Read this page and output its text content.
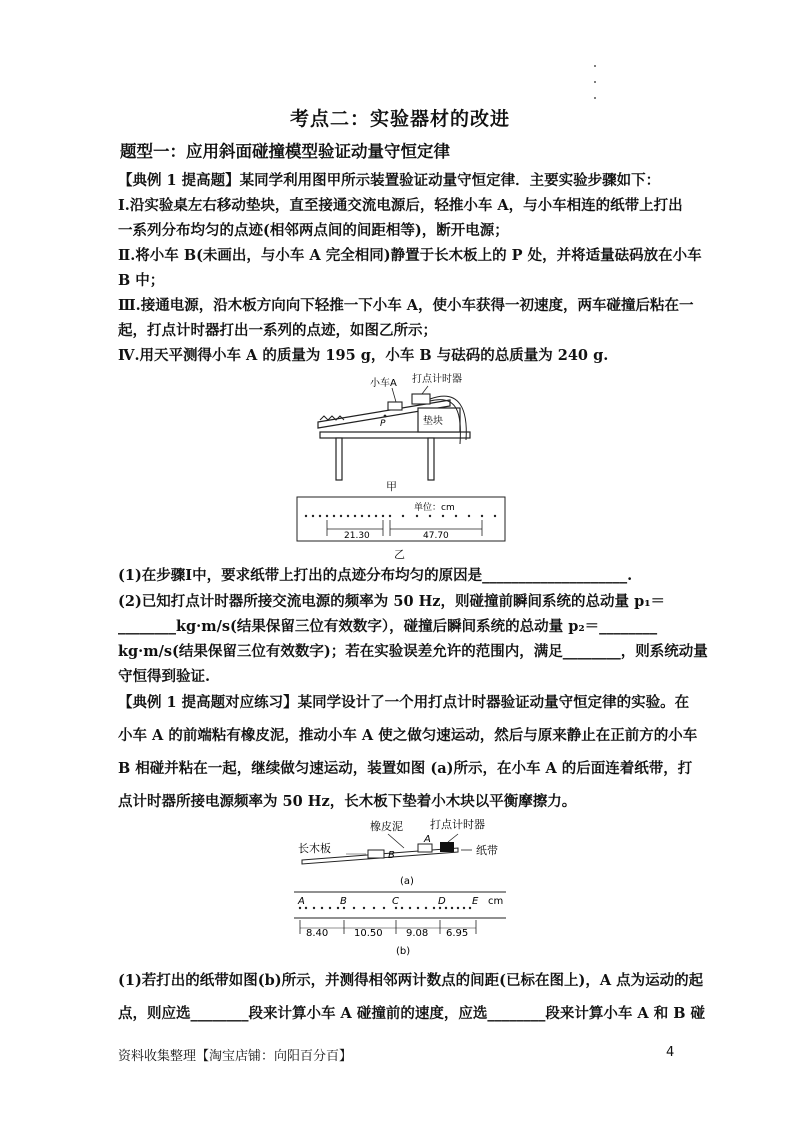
考点二：实验器材的改进
题型一：应用斜面碰撞模型验证动量守恒定律
【典例 1 提高题】某同学利用图甲所示装置验证动量守恒定律．主要实验步骤如下：
Ⅰ.沿实验桌左右移动垫块，直至接通交流电源后，轻推小车 A，与小车相连的纸带上打出
一系列分布均匀的点迹(相邻两点间的间距相等)，断开电源；
Ⅱ.将小车 B(未画出，与小车 A 完全相同)静置于长木板上的 P 处，并将适量砝码放在小车
B 中；
Ⅲ.接通电源，沿木板方向向下轻推一下小车 A，使小车获得一初速度，两车碰撞后粘在一
起，打点计时器打出一系列的点迹，如图乙所示；
Ⅳ.用天平测得小车 A 的质量为 195 g，小车 B 与砝码的总质量为 240 g.
小车A 打点计时器
垫块
P
甲
单位：cm
21.30	47.70
乙
(1)在步骤Ⅰ中，要求纸带上打出的点迹分布均匀的原因是____________________.
(2)已知打点计时器所接交流电源的频率为 50 Hz，则碰撞前瞬间系统的总动量 p₁＝
________kg·m/s(结果保留三位有效数字），碰撞后瞬间系统的总动量 p₂＝________
kg·m/s(结果保留三位有效数字)；若在实验误差允许的范围内，满足________，则系统动量
守恒得到验证.
【典例 1 提高题对应练习】某同学设计了一个用打点计时器验证动量守恒定律的实验。在
小车 A 的前端粘有橡皮泥，推动小车 A 使之做匀速运动，然后与原来静止在正前方的小车
B 相碰并粘在一起，继续做匀速运动，装置如图 (a)所示，在小车 A 的后面连着纸带，打
点计时器所接电源频率为 50 Hz，长木板下垫着小木块以平衡摩擦力。
橡皮泥 打点计时器
长木板	纸带
B
A
(a)
A	B	C	D	E cm
8.40	10.50 9.08 6.95
(b)
(1)若打出的纸带如图(b)所示，并测得相邻两计数点的间距(已标在图上)，A 点为运动的起
点，则应选________段来计算小车 A 碰撞前的速度，应选________段来计算小车 A 和 B 碰
资料收集整理【淘宝店铺：向阳百分百】	4
